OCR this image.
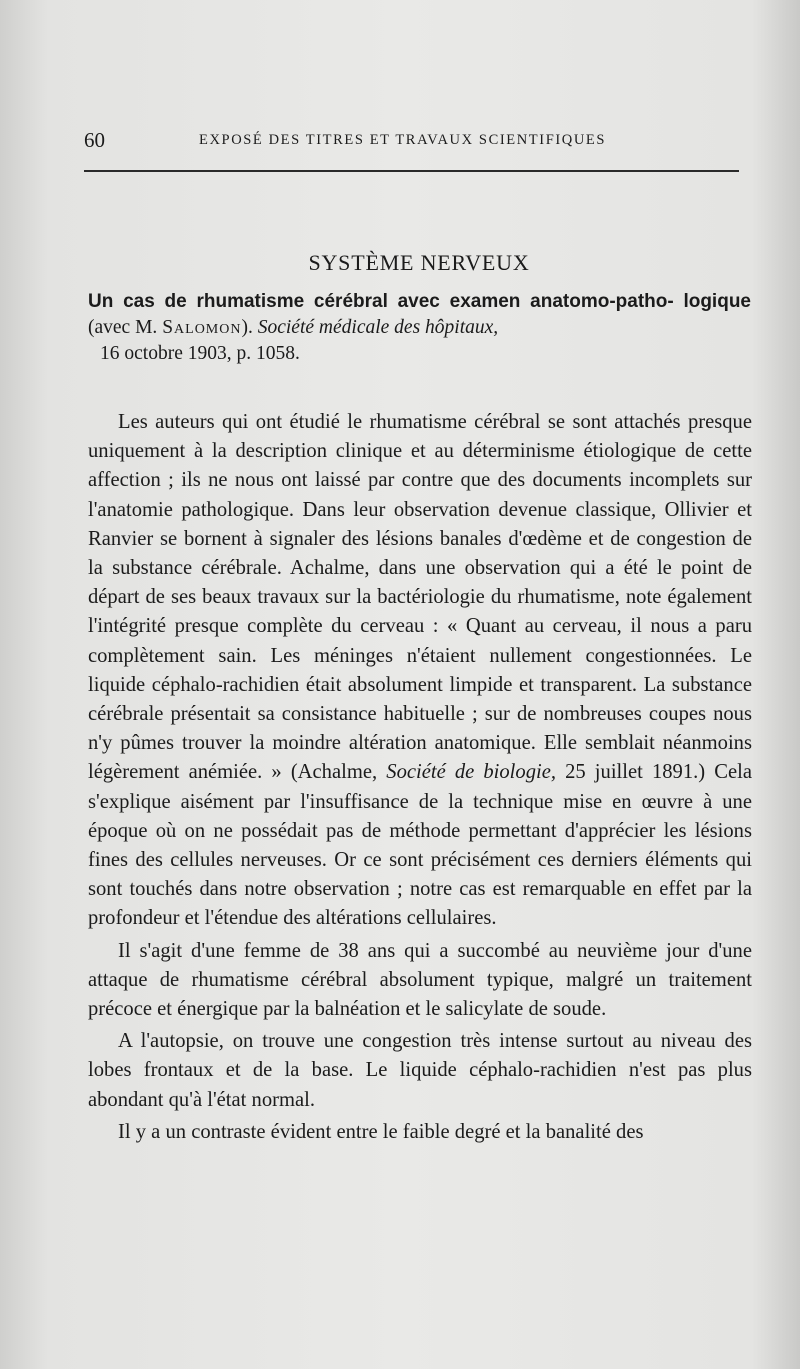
60	EXPOSÉ DES TITRES ET TRAVAUX SCIENTIFIQUES
SYSTÈME NERVEUX
Un cas de rhumatisme cérébral avec examen anatomo-patho- logique (avec M. Salomon). Société médicale des hôpitaux,
16 octobre 1903, p. 1058.

Les auteurs qui ont étudié le rhumatisme cérébral se sont attachés presque uniquement à la description clinique et au déterminisme étiologique de cette affection ; ils ne nous ont laissé par contre que des documents incomplets sur l'anatomie pathologique. Dans leur observation devenue classique, Ollivier et Ranvier se bornent à signaler des lésions banales d'œdème et de congestion de la substance cérébrale. Achalme, dans une observation qui a été le point de départ de ses beaux travaux sur la bactériologie du rhumatisme, note également l'intégrité presque complète du cerveau : « Quant au cerveau, il nous a paru complètement sain. Les méninges n'étaient nullement congestionnées. Le liquide céphalo-rachidien était absolument limpide et transparent. La substance cérébrale présentait sa consistance habituelle ; sur de nombreuses coupes nous n'y pûmes trouver la moindre altération anatomique. Elle semblait néanmoins légèrement anémiée. » (Achalme, Société de biologie, 25 juillet 1891.) Cela s'explique aisément par l'insuffisance de la technique mise en œuvre à une époque où on ne possédait pas de méthode permettant d'apprécier les lésions fines des cellules nerveuses. Or ce sont précisément ces derniers éléments qui sont touchés dans notre observation ; notre cas est remarquable en effet par la profondeur et l'étendue des altérations cellulaires.

Il s'agit d'une femme de 38 ans qui a succombé au neuvième jour d'une attaque de rhumatisme cérébral absolument typique, malgré un traitement précoce et énergique par la balnéation et le salicylate de soude.

A l'autopsie, on trouve une congestion très intense surtout au niveau des lobes frontaux et de la base. Le liquide céphalo-rachidien n'est pas plus abondant qu'à l'état normal.

Il y a un contraste évident entre le faible degré et la banalité des
